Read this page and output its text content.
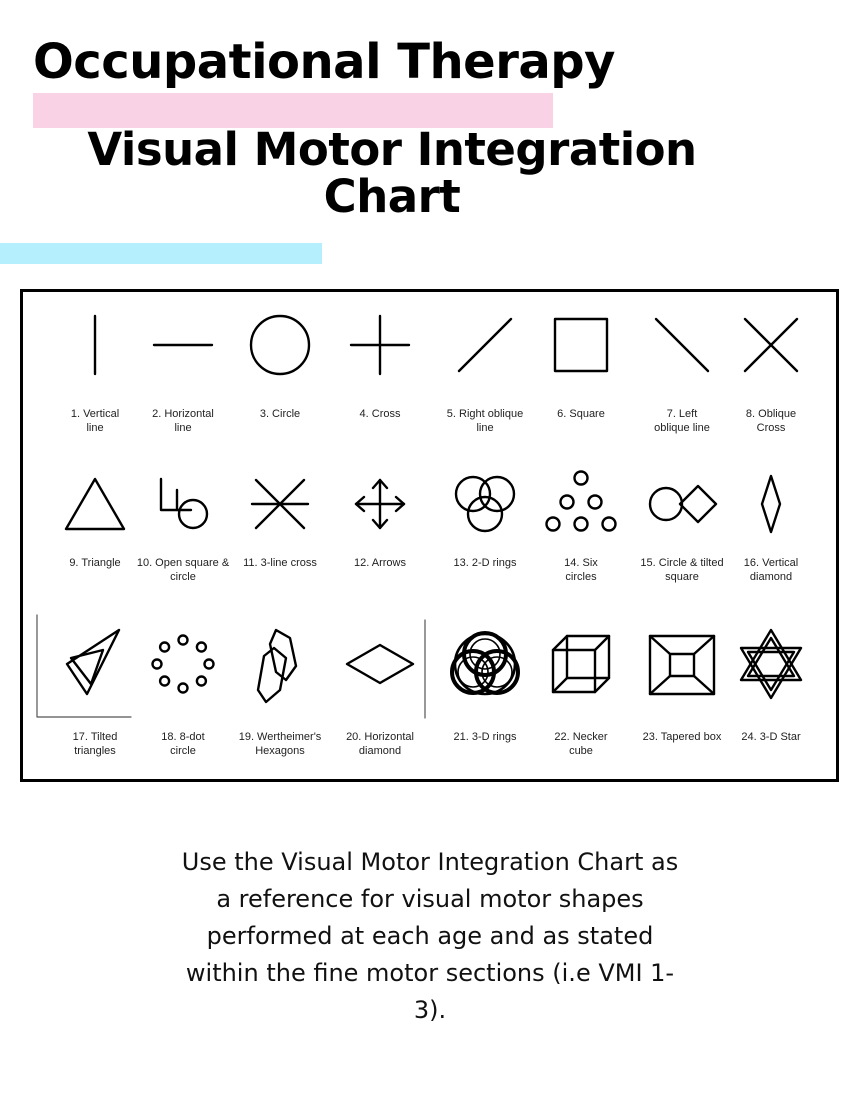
Occupational Therapy
Visual Motor Integration
Chart
1. Vertical
line
2. Horizontal
line
3. Circle	4. Cross	5. Right oblique
line
6. Square	7. Left
oblique line
8. Oblique
Cross
9. Triangle	10. Open square &
circle
11. 3-line cross	12. Arrows	13. 2-D rings	14. Six
circles
15. Circle & tilted
square
16. Vertical
diamond
17. Tilted
triangles
18. 8-dot
circle
19. Wertheimer's
Hexagons
20. Horizontal
diamond
21. 3-D rings	22. Necker
cube
23. Tapered box	24. 3-D Star

Use the Visual Motor Integration Chart as a reference for visual motor shapes performed at each age and as stated within the fine motor sections (i.e VMI 1-3).
